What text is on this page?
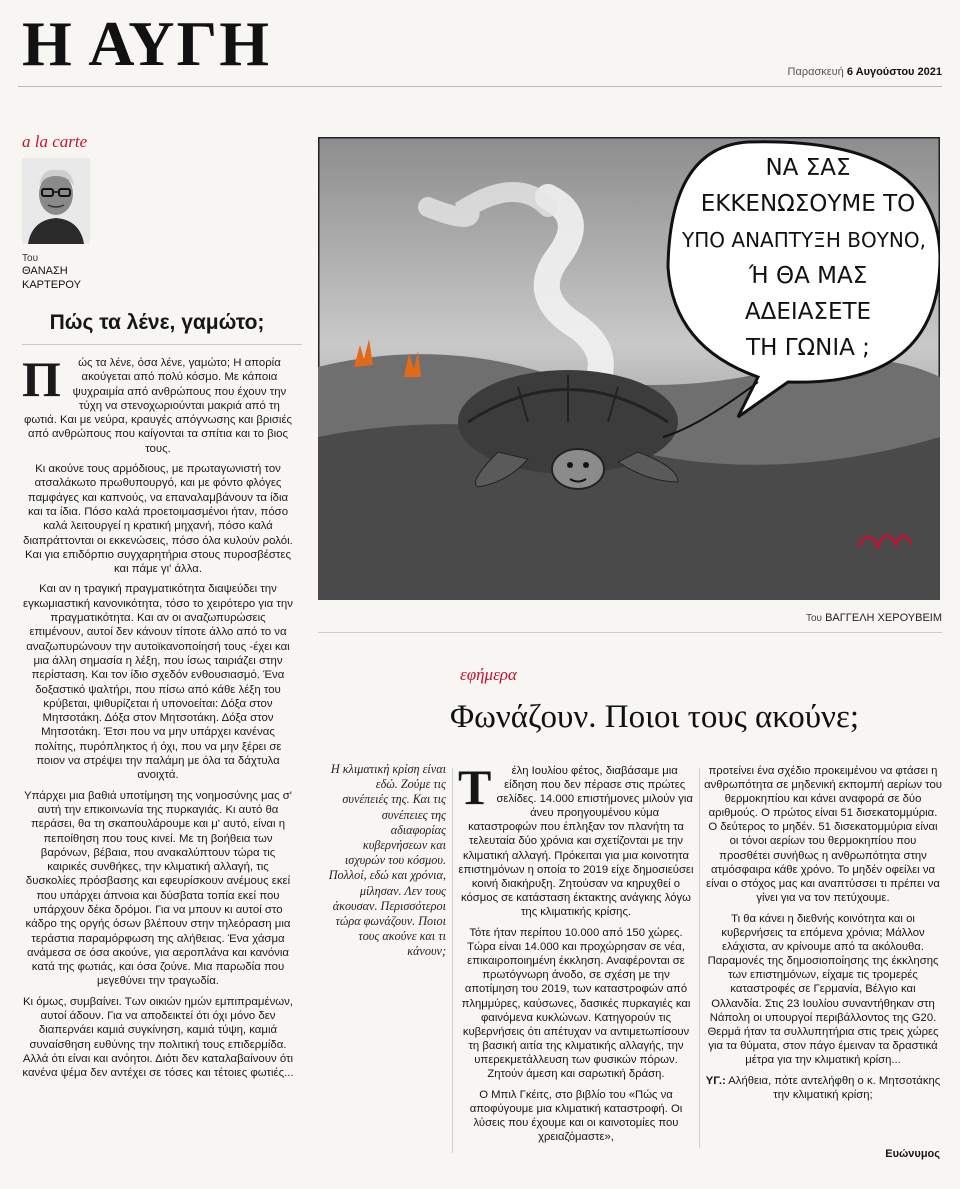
Η ΑΥΓΗ	Παρασκευή 6 Αυγούστου 2021
a la carte
Του
ΘΑΝΑΣΗ
ΚΑΡΤΕΡΟΥ
Πώς τα λένε, γαμώτο;

Π ώς τα λένε, όσα λένε, γαμώτο; Η απορία ακούγεται από πολύ κόσμο. Με κάποια ψυχραιμία από ανθρώπους που έχουν την τύχη να στενοχωριούνται μακριά από τη φωτιά. Και με νεύρα, κραυγές απόγνωσης και βρισιές από ανθρώπους που καίγονται τα σπίτια και το βιος τους.

Κι ακούνε τους αρμόδιους, με πρωταγωνιστή τον ατσαλάκωτο πρωθυπουργό, και με φόντο φλόγες παμφάγες και καπνούς, να επαναλαμβάνουν τα ίδια και τα ίδια. Πόσο καλά προετοιμασμένοι ήταν, πόσο καλά λειτουργεί η κρατική μηχανή, πόσο καλά διαπράττονται οι εκκενώσεις, πόσο όλα κυλούν ρολόι. Και για επιδόρπιο συγχαρητήρια στους πυροσβέστες και πάμε γι' άλλα.

Και αν η τραγική πραγματικότητα διαψεύδει την εγκωμιαστική κανονικότητα, τόσο το χειρότερο για την πραγματικότητα. Και αν οι αναζωπυρώσεις επιμένουν, αυτοί δεν κάνουν τίποτε άλλο από το να αναζωπυρώνουν την αυτοϊκανοποίησή τους -έχει και μια άλλη σημασία η λέξη, που ίσως ταιριάζει στην περίσταση. Και τον ίδιο σχεδόν ενθουσιασμό. Ένα δοξαστικό ψαλτήρι, που πίσω από κάθε λέξη του κρύβεται, ψιθυρίζεται ή υπονοείται: Δόξα στον Μητσοτάκη. Δόξα στον Μητσοτάκη. Δόξα στον Μητσοτάκη. Έτσι που να μην υπάρχει κανένας πολίτης, πυρόπληκτος ή όχι, που να μην ξέρει σε ποιον να στρέψει την παλάμη με όλα τα δάχτυλα ανοιχτά.

Υπάρχει μια βαθιά υποτίμηση της νοημοσύνης μας σ' αυτή την επικοινωνία της πυρκαγιάς. Κι αυτό θα περάσει, θα τη σκαπουλάρουμε και μ' αυτό, είναι η πεποίθηση που τους κινεί. Με τη βοήθεια των βαρόνων, βέβαια, που ανακαλύπτουν τώρα τις καιρικές συνθήκες, την κλιματική αλλαγή, τις δυσκολίες πρόσβασης και εφευρίσκουν ανέμους εκεί που υπάρχει άπνοια και δύσβατα τοπία εκεί που υπάρχουν δέκα δρόμοι. Για να μπουν κι αυτοί στο κάδρο της οργής όσων βλέπουν στην τηλεόραση μια τεράστια παραμόρφωση της αλήθειας. Ένα χάσμα ανάμεσα σε όσα ακούνε, για αεροπλάνα και κανόνια κατά της φωτιάς, και όσα ζούνε. Μια παρωδία που μεγεθύνει την τραγωδία.

Κι όμως, συμβαίνει. Των οικιών ημών εμπιπραμένων, αυτοί άδουν. Για να αποδεικτεί ότι όχι μόνο δεν διαπερνάει καμιά συγκίνηση, καμιά τύψη, καμιά συναίσθηση ευθύνης την πολιτική τους επιδερμίδα. Αλλά ότι είναι και ανόητοι. Διότι δεν καταλαβαίνουν ότι κανένα ψέμα δεν αντέχει σε τόσες και τέτοιες φωτιές...

ΝΑ ΣΑΣ
ΕΚΚΕΝΩΣΟΥΜΕ ΤΟ
ΥΠΟ ΑΝΑΠΤΥΞΗ ΒΟΥΝΟ,
Ή ΘΑ ΜΑΣ
ΑΔΕΙΑΣΕΤΕ
ΤΗ ΓΩΝΙΑ ;
Του ΒΑΓΓΕΛΗ ΧΕΡΟΥΒΕΙΜ
εφήμερα
Φωνάζουν. Ποιοι τους ακούνε;
Η κλιματική κρίση είναι εδώ. Ζούμε τις συνέπειές της. Και τις συνέπειες της αδιαφορίας κυβερνήσεων και ισχυρών του κόσμου. Πολλοί, εδώ και χρόνια, μίλησαν. Λεν τους άκουσαν. Περισσότεροι τώρα φωνάζουν. Ποιοι τους ακούνε και τι κάνουν;

Τ έλη Ιουλίου φέτος, διαβάσαμε μια είδηση που δεν πέρασε στις πρώτες σελίδες. 14.000 επιστήμονες μιλούν για άνευ προηγουμένου κύμα καταστροφών που έπληξαν τον πλανήτη τα τελευταία δύο χρόνια και σχετίζονται με την κλιματική αλλαγή. Πρόκειται για μια κοινοτητα επιστημόνων η οποία το 2019 είχε δημοσιεύσει κοινή διακήρυξη. Ζητούσαν να κηρυχθεί ο κόσμος σε κατάσταση έκτακτης ανάγκης λόγω της κλιματικής κρίσης.

Τότε ήταν περίπου 10.000 από 150 χώρες. Τώρα είναι 14.000 και προχώρησαν σε νέα, επικαιροποιημένη έκκληση. Αναφέρονται σε πρωτόγνωρη άνοδο, σε σχέση με την αποτίμηση του 2019, των καταστροφών από πλημμύρες, καύσωνες, δασικές πυρκαγιές και φαινόμενα κυκλώνων. Κατηγορούν τις κυβερνήσεις ότι απέτυχαν να αντιμετωπίσουν τη βασική αιτία της κλιματικής αλλαγής, την υπερεκμετάλλευση των φυσικών πόρων. Ζητούν άμεση και σαρωτική δράση.

Ο Μπιλ Γκέιτς, στο βιβλίο του «Πώς να αποφύγουμε μια κλιματική καταστροφή. Οι λύσεις που έχουμε και οι καινοτομίες που χρειαζόμαστε»,

προτείνει ένα σχέδιο προκειμένου να φτάσει η ανθρωπότητα σε μηδενική εκπομπή αερίων του θερμοκηπίου και κάνει αναφορά σε δύο αριθμούς. Ο πρώτος είναι 51 δισεκατομμύρια. Ο δεύτερος το μηδέν. 51 δισεκατομμύρια είναι οι τόνοι αερίων του θερμοκηπίου που προσθέτει συνήθως η ανθρωπότητα στην ατμόσφαιρα κάθε χρόνο. Το μηδέν οφείλει να είναι ο στόχος μας και αναπτύσσει τι πρέπει να γίνει για να τον πετύχουμε.

Τι θα κάνει η διεθνής κοινότητα και οι κυβερνήσεις τα επόμενα χρόνια; Μάλλον ελάχιστα, αν κρίνουμε από τα ακόλουθα. Παραμονές της δημοσιοποίησης της έκκλησης των επιστημόνων, είχαμε τις τρομερές καταστροφές σε Γερμανία, Βέλγιο και Ολλανδία. Στις 23 Ιουλίου συναντήθηκαν στη Νάπολη οι υπουργοί περιβάλλοντος της G20. Θερμά ήταν τα συλλυπητήρια στις τρεις χώρες για τα θύματα, στον πάγο έμειναν τα δραστικά μέτρα για την κλιματική κρίση...

ΥΓ.: Αλήθεια, πότε αντελήφθη ο κ. Μητσοτάκης την κλιματική κρίση;

Ευώνυμος
